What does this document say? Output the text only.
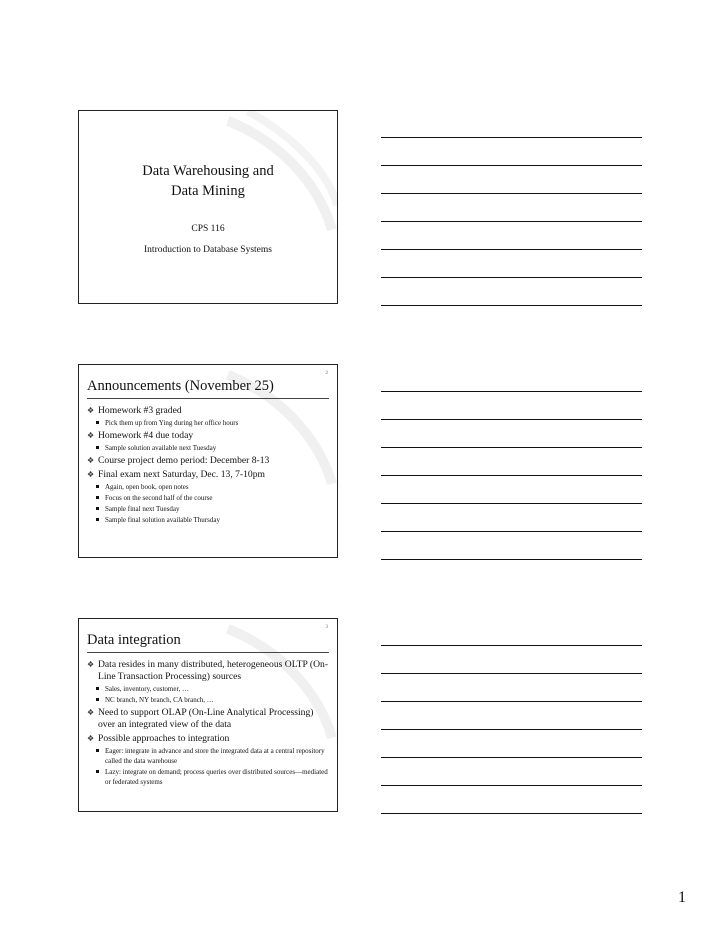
Data Warehousing and
Data Mining
CPS 116
Introduction to Database Systems
2
Announcements (November 25)
❖ Homework #3 graded
Pick them up from Ying during her office hours
❖ Homework #4 due today
Sample solution available next Tuesday
❖ Course project demo period: December 8-13
❖ Final exam next Saturday, Dec. 13, 7-10pm
Again, open book, open notes
Focus on the second half of the course
Sample final next Tuesday
Sample final solution available Thursday
3
Data integration
❖ Data resides in many distributed, heterogeneous OLTP (On-Line Transaction Processing) sources
Sales, inventory, customer, …
NC branch, NY branch, CA branch, …
❖ Need to support OLAP (On-Line Analytical Processing) over an integrated view of the data
❖ Possible approaches to integration
Eager: integrate in advance and store the integrated data at a central repository called the data warehouse
Lazy: integrate on demand; process queries over distributed sources—mediated or federated systems
1
